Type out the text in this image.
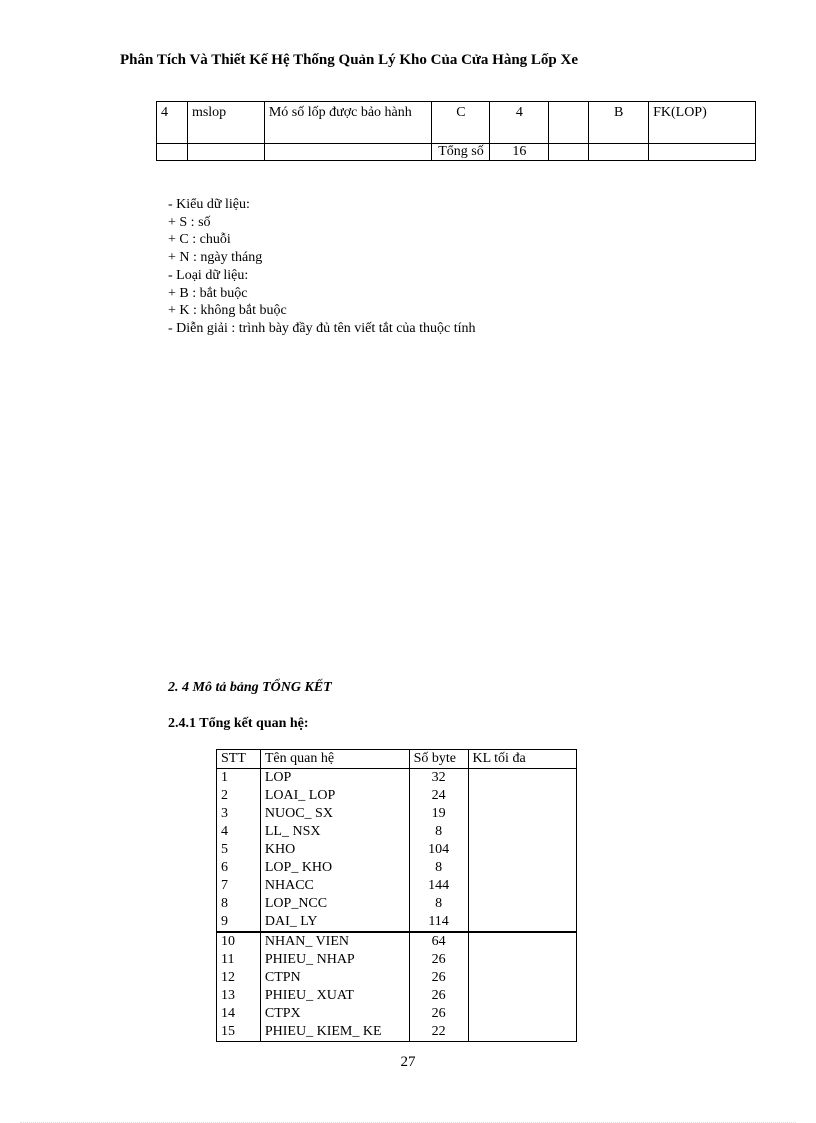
Phân Tích Và Thiết Kế Hệ Thống Quản Lý Kho Của Cửa Hàng Lốp Xe
4	mslop	Mó số lốp được bảo hành	C	4		B	FK(LOP)
			Tổng số	16			
- Kiểu dữ liệu:
+ S : số
+ C : chuỗi
+ N : ngày tháng
- Loại dữ liệu:
+ B : bắt buộc
+ K : không bắt buộc
- Diễn giải : trình bày đầy đủ tên viết tắt của thuộc tính
2. 4 Mô tả bảng TỔNG KẾT
2.4.1 Tổng kết quan hệ:
STT	Tên quan hệ	Số byte	KL tối đa
1	LOP	32	
2	LOAI_ LOP	24	
3	NUOC_ SX	19	
4	LL_ NSX	8	
5	KHO	104	
6	LOP_ KHO	8	
7	NHACC	144	
8	LOP_NCC	8	
9	DAI_ LY	114	
10	NHAN_ VIEN	64	
11	PHIEU_ NHAP	26	
12	CTPN	26	
13	PHIEU_ XUAT	26	
14	CTPX	26	
15	PHIEU_ KIEM_ KE	22	
27
